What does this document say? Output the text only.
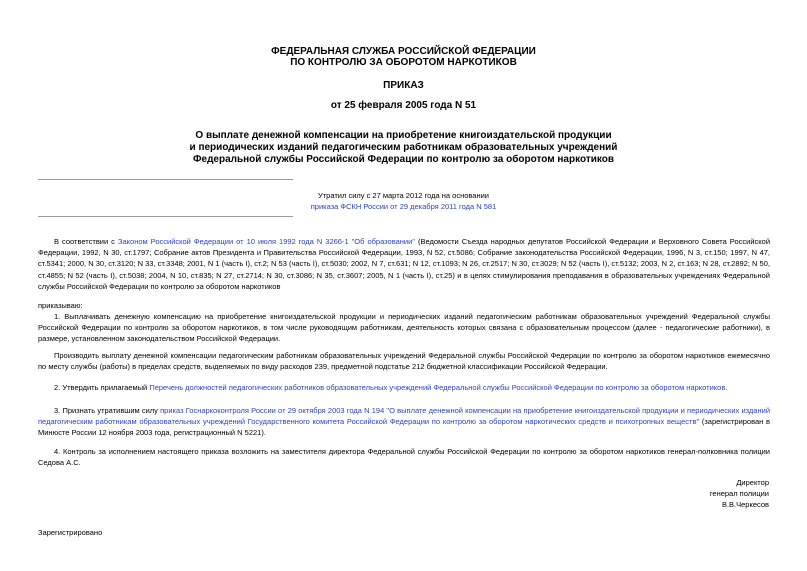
ФЕДЕРАЛЬНАЯ СЛУЖБА РОССИЙСКОЙ ФЕДЕРАЦИИ
ПО КОНТРОЛЮ ЗА ОБОРОТОМ НАРКОТИКОВ
ПРИКАЗ
от 25 февраля 2005 года N 51
О выплате денежной компенсации на приобретение книгоиздательской продукции
и периодических изданий педагогическим работникам образовательных учреждений
Федеральной службы Российской Федерации по контролю за оборотом наркотиков
Утратил силу с 27 марта 2012 года на основании
приказа ФСКН России от 29 декабря 2011 года N 581
В соответствии с Законом Российской Федерации от 10 июля 1992 года N 3266-1 "Об образовании" (Ведомости Съезда народных депутатов Российской Федерации и Верховного Совета Российской Федерации, 1992, N 30, ст.1797; Собрание актов Президента и Правительства Российской Федерации, 1993, N 52, ст.5086; Собрание законодательства Российской Федерации, 1996, N 3, ст.150; 1997, N 47, ст.5341; 2000, N 30, ст.3120; N 33, ст.3348; 2001, N 1 (часть I), ст.2; N 53 (часть I), ст.5030; 2002, N 7, ст.631; N 12, ст.1093; N 26, ст.2517; N 30, ст.3029; N 52 (часть I), ст.5132; 2003, N 2, ст.163; N 28, ст.2892; N 50, ст.4855; N 52 (часть I), ст.5038; 2004, N 10, ст.835; N 27, ст.2714; N 30, ст.3086; N 35, ст.3607; 2005, N 1 (часть I), ст.25) и в целях стимулирования преподавания в образовательных учреждениях Федеральной службы Российской Федерации по контролю за оборотом наркотиков
приказываю:
1. Выплачивать денежную компенсацию на приобретение книгоиздательской продукции и периодических изданий педагогическим работникам образовательных учреждений Федеральной службы Российской Федерации по контролю за оборотом наркотиков, в том числе руководящим работникам, деятельность которых связана с образовательным процессом (далее - педагогические работники), в размере, установленном законодательством Российской Федерации.
Производить выплату денежной компенсации педагогическим работникам образовательных учреждений Федеральной службы Российской Федерации по контролю за оборотом наркотиков ежемесячно по месту службы (работы) в пределах средств, выделяемых по виду расходов 239, предметной подстатье 212 бюджетной классификации Российской Федерации.
2. Утвердить прилагаемый Перечень должностей педагогических работников образовательных учреждений Федеральной службы Российской Федерации по контролю за оборотом наркотиков.
3. Признать утратившим силу приказ Госнаркоконтроля России от 29 октября 2003 года N 194 "О выплате денежной компенсации на приобретение книгоиздательской продукции и периодических изданий педагогическим работникам образовательных учреждений Государственного комитета Российской Федерации по контролю за оборотом наркотических средств и психотропных веществ" (зарегистрирован в Минюсте России 12 ноября 2003 года, регистрационный N 5221).
4. Контроль за исполнением настоящего приказа возложить на заместителя директора Федеральной службы Российской Федерации по контролю за оборотом наркотиков генерал-полковника полиции Седова А.С.
Директор
генерал полиции
В.В.Черкесов
Зарегистрировано
